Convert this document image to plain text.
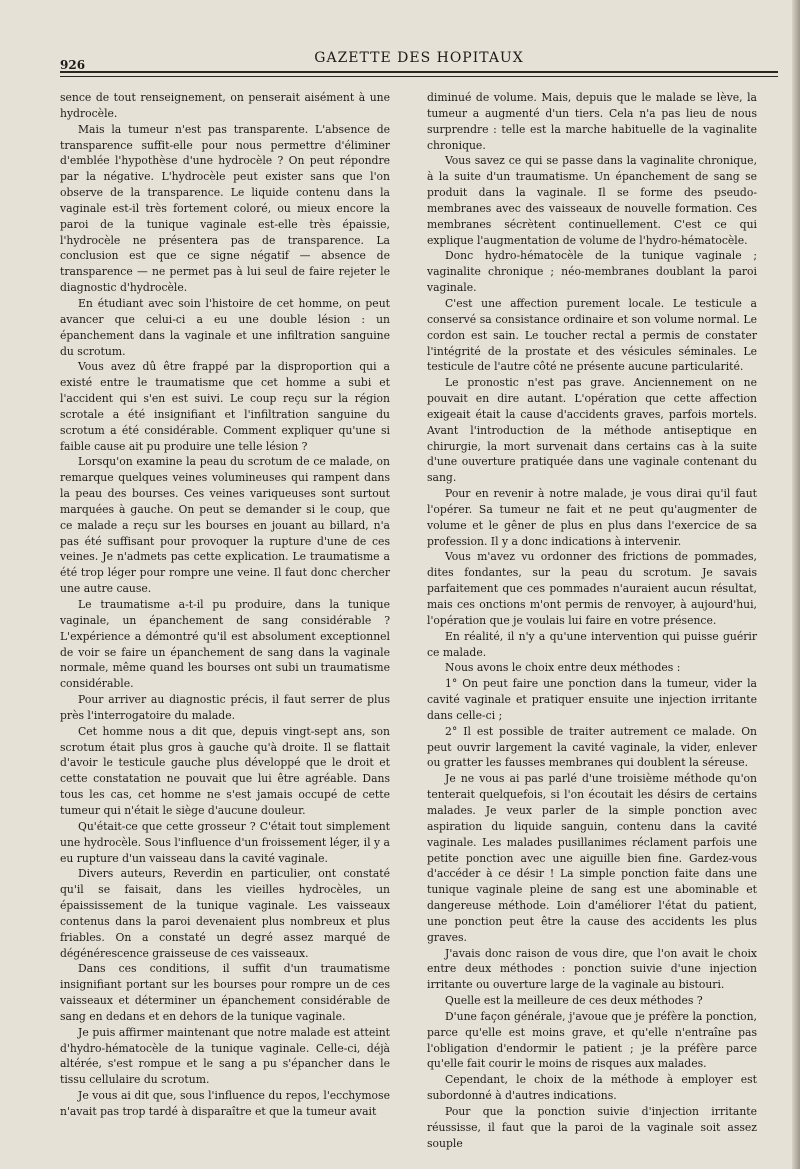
926	GAZETTE DES HOPITAUX

sence de tout renseignement, on penserait aisément à une hydrocèle.

Mais la tumeur n'est pas transparente. L'absence de transparence suffit-elle pour nous permettre d'éliminer d'emblée l'hypothèse d'une hydrocèle ? On peut répondre par la négative. L'hydrocèle peut exister sans que l'on observe de la transparence. Le liquide contenu dans la vaginale est-il très fortement coloré, ou mieux encore la paroi de la tunique vaginale est-elle très épaissie, l'hydrocèle ne présentera pas de transparence. La conclusion est que ce signe négatif — absence de transparence — ne permet pas à lui seul de faire rejeter le diagnostic d'hydrocèle.

En étudiant avec soin l'histoire de cet homme, on peut avancer que celui-ci a eu une double lésion : un épanchement dans la vaginale et une infiltration sanguine du scrotum.

Vous avez dû être frappé par la disproportion qui a existé entre le traumatisme que cet homme a subi et l'accident qui s'en est suivi. Le coup reçu sur la région scrotale a été insignifiant et l'infiltration sanguine du scrotum a été considérable. Comment expliquer qu'une si faible cause ait pu produire une telle lésion ?

Lorsqu'on examine la peau du scrotum de ce malade, on remarque quelques veines volumineuses qui rampent dans la peau des bourses. Ces veines variqueuses sont surtout marquées à gauche. On peut se demander si le coup, que ce malade a reçu sur les bourses en jouant au billard, n'a pas été suffisant pour provoquer la rupture d'une de ces veines. Je n'admets pas cette explication. Le traumatisme a été trop léger pour rompre une veine. Il faut donc chercher une autre cause.

Le traumatisme a-t-il pu produire, dans la tunique vaginale, un épanchement de sang considérable ? L'expérience a démontré qu'il est absolument exceptionnel de voir se faire un épanchement de sang dans la vaginale normale, même quand les bourses ont subi un traumatisme considérable.

Pour arriver au diagnostic précis, il faut serrer de plus près l'interrogatoire du malade.

Cet homme nous a dit que, depuis vingt-sept ans, son scrotum était plus gros à gauche qu'à droite. Il se flattait d'avoir le testicule gauche plus développé que le droit et cette constatation ne pouvait que lui être agréable. Dans tous les cas, cet homme ne s'est jamais occupé de cette tumeur qui n'était le siège d'aucune douleur.

Qu'était-ce que cette grosseur ? C'était tout simplement une hydrocèle. Sous l'influence d'un froissement léger, il y a eu rupture d'un vaisseau dans la cavité vaginale.

Divers auteurs, Reverdin en particulier, ont constaté qu'il se faisait, dans les vieilles hydrocèles, un épaississement de la tunique vaginale. Les vaisseaux contenus dans la paroi devenaient plus nombreux et plus friables. On a constaté un degré assez marqué de dégénérescence graisseuse de ces vaisseaux.

Dans ces conditions, il suffit d'un traumatisme insignifiant portant sur les bourses pour rompre un de ces vaisseaux et déterminer un épanchement considérable de sang en dedans et en dehors de la tunique vaginale.

Je puis affirmer maintenant que notre malade est atteint d'hydro-hématocèle de la tunique vaginale. Celle-ci, déjà altérée, s'est rompue et le sang a pu s'épancher dans le tissu cellulaire du scrotum.

Je vous ai dit que, sous l'influence du repos, l'ecchymose n'avait pas trop tardé à disparaître et que la tumeur avait

diminué de volume. Mais, depuis que le malade se lève, la tumeur a augmenté d'un tiers. Cela n'a pas lieu de nous surprendre : telle est la marche habituelle de la vaginalite chronique.

Vous savez ce qui se passe dans la vaginalite chronique, à la suite d'un traumatisme. Un épanchement de sang se produit dans la vaginale. Il se forme des pseudo-membranes avec des vaisseaux de nouvelle formation. Ces membranes sécrètent continuellement. C'est ce qui explique l'augmentation de volume de l'hydro-hématocèle.

Donc hydro-hématocèle de la tunique vaginale ; vaginalite chronique ; néo-membranes doublant la paroi vaginale.

C'est une affection purement locale. Le testicule a conservé sa consistance ordinaire et son volume normal. Le cordon est sain. Le toucher rectal a permis de constater l'intégrité de la prostate et des vésicules séminales. Le testicule de l'autre côté ne présente aucune particularité.

Le pronostic n'est pas grave. Anciennement on ne pouvait en dire autant. L'opération que cette affection exigeait était la cause d'accidents graves, parfois mortels. Avant l'introduction de la méthode antiseptique en chirurgie, la mort survenait dans certains cas à la suite d'une ouverture pratiquée dans une vaginale contenant du sang.

Pour en revenir à notre malade, je vous dirai qu'il faut l'opérer. Sa tumeur ne fait et ne peut qu'augmenter de volume et le gêner de plus en plus dans l'exercice de sa profession. Il y a donc indications à intervenir.

Vous m'avez vu ordonner des frictions de pommades, dites fondantes, sur la peau du scrotum. Je savais parfaitement que ces pommades n'auraient aucun résultat, mais ces onctions m'ont permis de renvoyer, à aujourd'hui, l'opération que je voulais lui faire en votre présence.

En réalité, il n'y a qu'une intervention qui puisse guérir ce malade.

Nous avons le choix entre deux méthodes :

1° On peut faire une ponction dans la tumeur, vider la cavité vaginale et pratiquer ensuite une injection irritante dans celle-ci ;

2° Il est possible de traiter autrement ce malade. On peut ouvrir largement la cavité vaginale, la vider, enlever ou gratter les fausses membranes qui doublent la séreuse.

Je ne vous ai pas parlé d'une troisième méthode qu'on tenterait quelquefois, si l'on écoutait les désirs de certains malades. Je veux parler de la simple ponction avec aspiration du liquide sanguin, contenu dans la cavité vaginale. Les malades pusillanimes réclament parfois une petite ponction avec une aiguille bien fine. Gardez-vous d'accéder à ce désir ! La simple ponction faite dans une tunique vaginale pleine de sang est une abominable et dangereuse méthode. Loin d'améliorer l'état du patient, une ponction peut être la cause des accidents les plus graves.

J'avais donc raison de vous dire, que l'on avait le choix entre deux méthodes : ponction suivie d'une injection irritante ou ouverture large de la vaginale au bistouri.

Quelle est la meilleure de ces deux méthodes ?

D'une façon générale, j'avoue que je préfère la ponction, parce qu'elle est moins grave, et qu'elle n'entraîne pas l'obligation d'endormir le patient ; je la préfère parce qu'elle fait courir le moins de risques aux malades.

Cependant, le choix de la méthode à employer est subordonné à d'autres indications.

Pour que la ponction suivie d'injection irritante réussisse, il faut que la paroi de la vaginale soit assez souple
